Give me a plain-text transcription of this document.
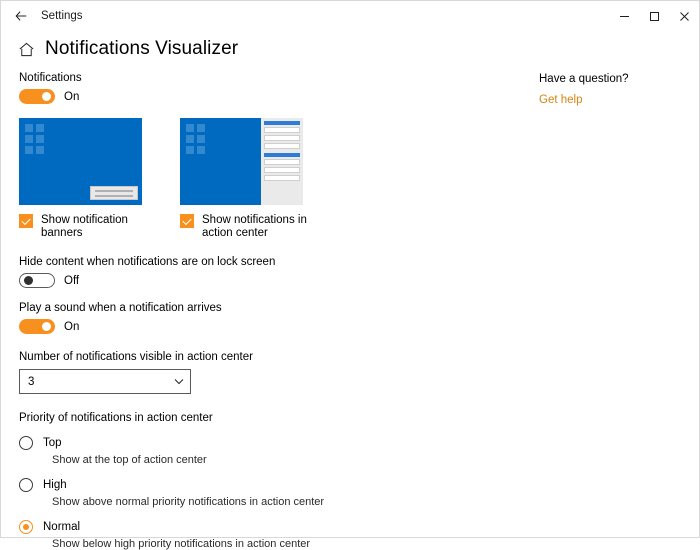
Settings
Notifications Visualizer
Notifications
On
Show notification banners
Show notifications in action center
Hide content when notifications are on lock screen
Off
Play a sound when a notification arrives
On
Number of notifications visible in action center
3
Priority of notifications in action center
Top
Show at the top of action center
High
Show above normal priority notifications in action center
Normal
Show below high priority notifications in action center
Have a question?
Get help
